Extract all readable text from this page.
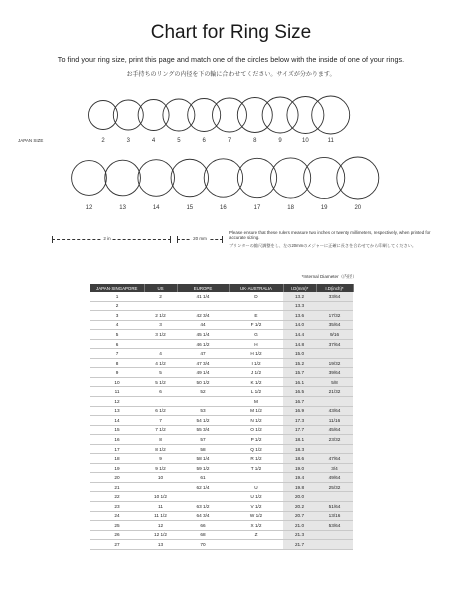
Chart for Ring Size
To find your ring size, print this page and match one of the circles below with the inside of one of your rings.
お手持ちのリングの内径を下の輪に合わせてください。サイズが分かります。
JAPAN SIZE	2	3	4	5	6	7	8	9	10	11
12	13	14	15	16	17	18	19	20
2 in	20 mm
Please ensure that these rulers measure two inches or twenty millimeters, respectively, when printed for accurate sizing.
プリンターの縮尺調整をし、左の20mmのメジャーに正確に長さを合わせてから印刷してください。
*Internal Diameter（内径）
JAPAN·SINGAPORE	US	EUROPE	UK·AUSTRALIA	I.D(mm)*	I.D(inch)*
1	2	41 1/4	D	13.2	33/64
2				13.3	
3	2 1/2	42 3/4	E	13.6	17/32
4	3	44	F 1/2	14.0	35/64
5	3 1/2	45 1/4	G	14.4	9/16
6		46 1/2	H	14.8	37/64
7	4	47	H 1/2	15.0	
8	4 1/2	47 3/4	I 1/2	15.2	19/32
9	5	49 1/4	J 1/2	15.7	39/64
10	5 1/2	50 1/2	K 1/2	16.1	5/8
11	6	52	L 1/2	16.5	21/32
12			M	16.7	
13	6 1/2	53	M 1/2	16.9	43/64
14	7	54 1/2	N 1/2	17.3	11/16
15	7 1/2	55 3/4	O 1/2	17.7	45/64
16	8	57	P 1/2	18.1	23/32
17	8 1/2	58	Q 1/2	18.3	
18	9	58 1/4	R 1/2	18.6	47/64
19	9 1/2	59 1/2	T 1/2	19.0	3/4
20	10	61		19.4	49/64
21		62 1/4	U	19.8	25/32
22	10 1/2		U 1/2	20.0	
23	11	63 1/2	V 1/2	20.2	51/64
24	11 1/2	64 3/4	W 1/2	20.7	13/16
25	12	66	X 1/2	21.0	53/64
26	12 1/2	68	Z	21.3	
27	13	70		21.7	
